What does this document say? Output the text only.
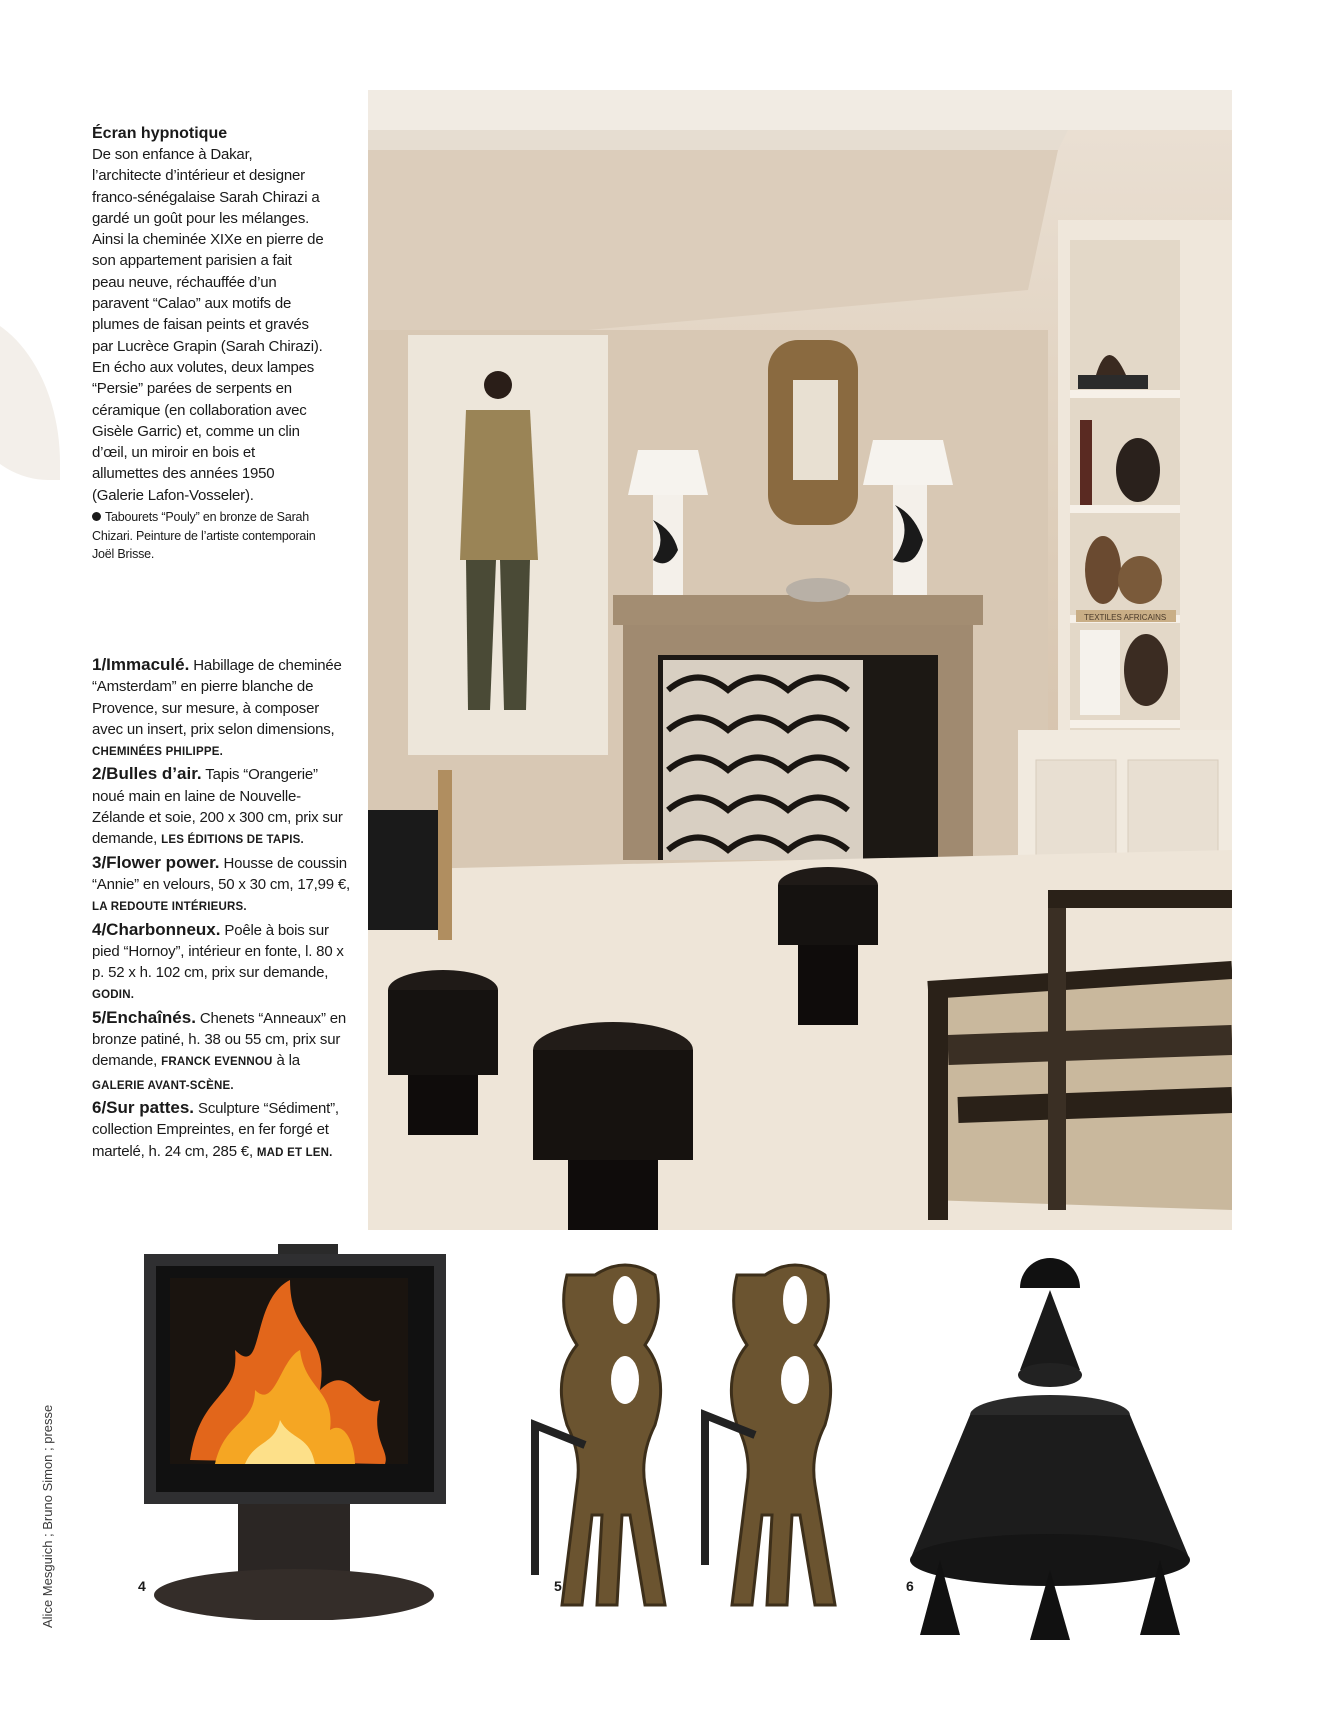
Écran hypnotique

De son enfance à Dakar, l’architecte d’intérieur et designer franco-sénégalaise Sarah Chirazi a gardé un goût pour les mélanges. Ainsi la cheminée XIXe en pierre de son appartement parisien a fait peau neuve, réchauffée d’un paravent “Calao” aux motifs de plumes de faisan peints et gravés par Lucrèce Grapin (Sarah Chirazi). En écho aux volutes, deux lampes “Persie” parées de serpents en céramique (en collaboration avec Gisèle Garric) et, comme un clin d’œil, un miroir en bois et allumettes des années 1950 (Galerie Lafon-Vosseler).

Tabourets “Pouly” en bronze de Sarah Chizari. Peinture de l’artiste contemporain Joël Brisse.

1/Immaculé. Habillage de cheminée “Amsterdam” en pierre blanche de Provence, sur mesure, à composer avec un insert, prix selon dimensions, CHEMINÉES PHILIPPE.

2/Bulles d’air. Tapis “Orangerie” noué main en laine de Nouvelle-Zélande et soie, 200 x 300 cm, prix sur demande, LES ÉDITIONS DE TAPIS.

3/Flower power. Housse de coussin “Annie” en velours, 50 x 30 cm, 17,99 €, LA REDOUTE INTÉRIEURS.

4/Charbonneux. Poêle à bois sur pied “Hornoy”, intérieur en fonte, l. 80 x p. 52 x h. 102 cm, prix sur demande, GODIN.

5/Enchaînés. Chenets “Anneaux” en bronze patiné, h. 38 ou 55 cm, prix sur demande, FRANCK EVENNOU à la GALERIE AVANT-SCÈNE.

6/Sur pattes. Sculpture “Sédiment”, collection Empreintes, en fer forgé et martelé, h. 24 cm, 285 €, MAD ET LEN.

TEXTILES AFRICAINS
4	5	6
Alice Mesguich ; Bruno Simon ; presse
